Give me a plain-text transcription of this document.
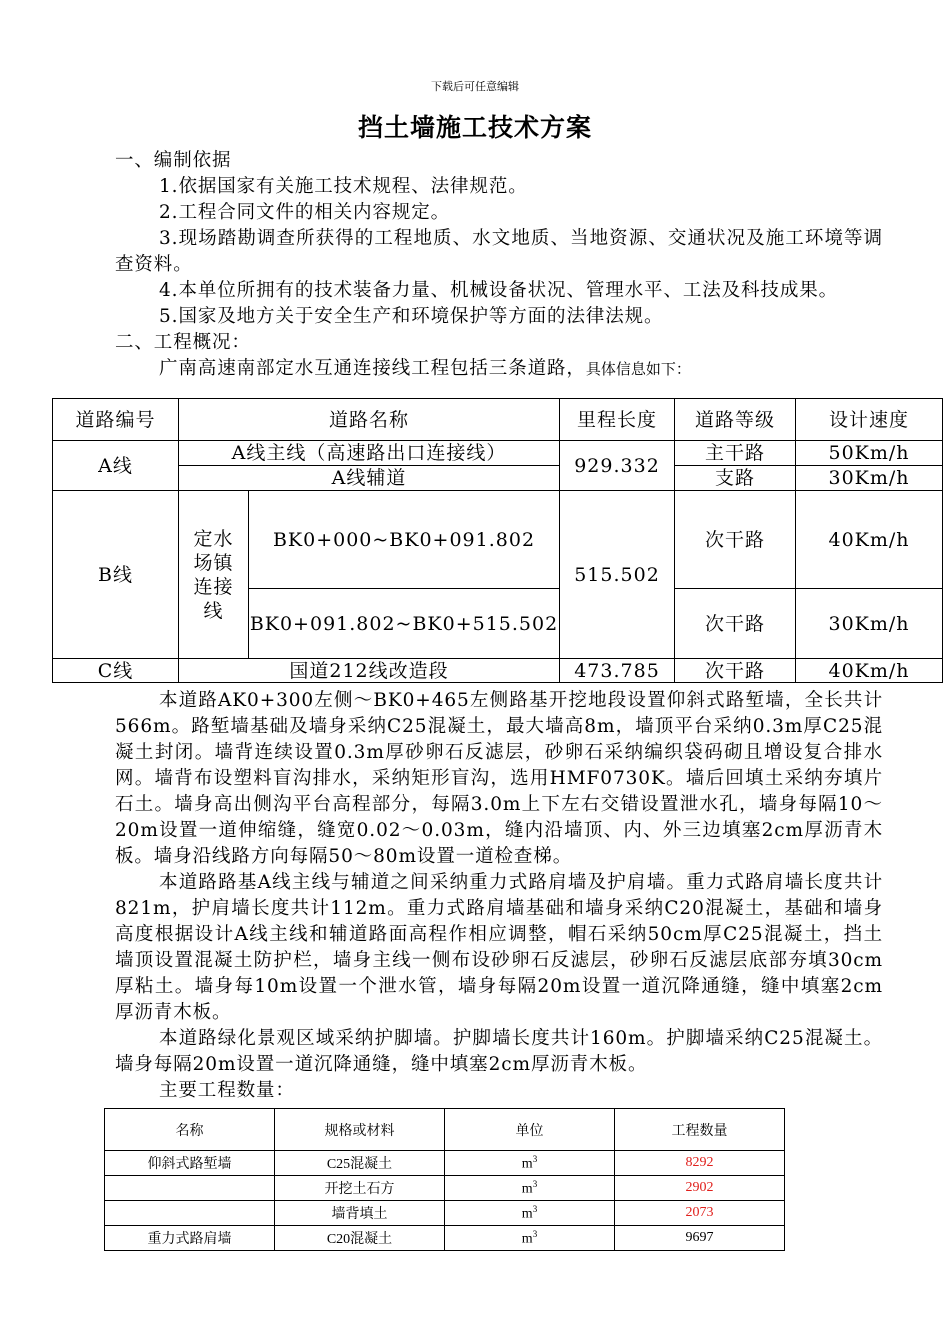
下载后可任意编辑
挡土墙施工技术方案

一、编制依据

1.依据国家有关施工技术规程、法律规范。

2.工程合同文件的相关内容规定。

3.现场踏勘调查所获得的工程地质、水文地质、当地资源、交通状况及施工环境等调查资料。

4.本单位所拥有的技术装备力量、机械设备状况、管理水平、工法及科技成果。

5.国家及地方关于安全生产和环境保护等方面的法律法规。

二、工程概况：

广南高速南部定水互通连接线工程包括三条道路，具体信息如下：

道路编号	道路名称		里程长度	道路等级	设计速度
A线	A线主线（高速路出口连接线）		929.332	主干路	50Km/h
	A线辅道			支路	30Km/h
B线	定水场镇连接线	BK0+000~BK0+091.802	515.502	次干路	40Km/h
		BK0+091.802~BK0+515.502		次干路	30Km/h
C线	国道212线改造段		473.785	次干路	40Km/h

本道路AK0+300左侧～BK0+465左侧路基开挖地段设置仰斜式路堑墙，全长共计566m。路堑墙基础及墙身采纳C25混凝土，最大墙高8m，墙顶平台采纳0.3m厚C25混凝土封闭。墙背连续设置0.3m厚砂卵石反滤层，砂卵石采纳编织袋码砌且增设复合排水网。墙背布设塑料盲沟排水，采纳矩形盲沟，选用HMF0730K。墙后回填土采纳夯填片石土。墙身高出侧沟平台高程部分，每隔3.0m上下左右交错设置泄水孔，墙身每隔10～20m设置一道伸缩缝，缝宽0.02～0.03m，缝内沿墙顶、内、外三边填塞2cm厚沥青木板。墙身沿线路方向每隔50～80m设置一道检查梯。

本道路路基A线主线与辅道之间采纳重力式路肩墙及护肩墙。重力式路肩墙长度共计821m，护肩墙长度共计112m。重力式路肩墙基础和墙身采纳C20混凝土，基础和墙身高度根据设计A线主线和辅道路面高程作相应调整，帽石采纳50cm厚C25混凝土，挡土墙顶设置混凝土防护栏，墙身主线一侧布设砂卵石反滤层，砂卵石反滤层底部夯填30cm厚粘土。墙身每10m设置一个泄水管，墙身每隔20m设置一道沉降通缝，缝中填塞2cm厚沥青木板。

本道路绿化景观区域采纳护脚墙。护脚墙长度共计160m。护脚墙采纳C25混凝土。墙身每隔20m设置一道沉降通缝，缝中填塞2cm厚沥青木板。

主要工程数量：

名称	规格或材料	单位	工程数量
仰斜式路堑墙	C25混凝土	$m^3$	8292
	开挖土石方	$m^3$	2902
	墙背填土	$m^3$	2073
重力式路肩墙	C20混凝土	$m^3$	9697
